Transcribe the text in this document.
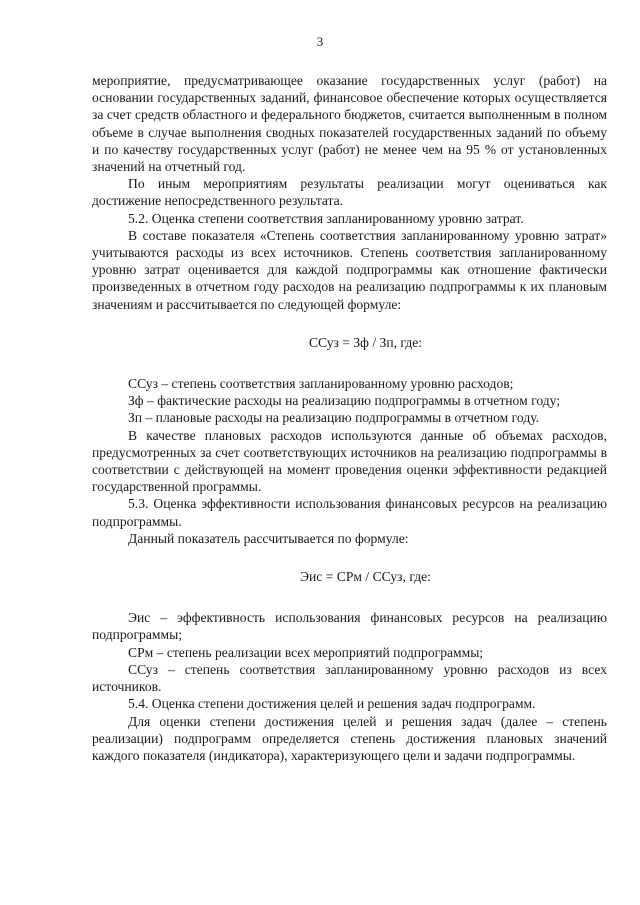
3

мероприятие, предусматривающее оказание государственных услуг (работ) на основании государственных заданий, финансовое обеспечение которых осуществляется за счет средств областного и федерального бюджетов, считается выполненным в полном объеме в случае выполнения сводных показателей государственных заданий по объему и по качеству государственных услуг (работ) не менее чем на 95 % от установленных значений на отчетный год.

По иным мероприятиям результаты реализации могут оцениваться как достижение непосредственного результата.

5.2. Оценка степени соответствия запланированному уровню затрат.

В составе показателя «Степень соответствия запланированному уровню затрат» учитываются расходы из всех источников. Степень соответствия запланированному уровню затрат оценивается для каждой подпрограммы как отношение фактически произведенных в отчетном году расходов на реализацию подпрограммы к их плановым значениям и рассчитывается по следующей формуле:

ССуз = Зф / Зп, где:

ССуз – степень соответствия запланированному уровню расходов;

Зф – фактические расходы на реализацию подпрограммы в отчетном году;

Зп – плановые расходы на реализацию подпрограммы в отчетном году.

В качестве плановых расходов используются данные об объемах расходов, предусмотренных за счет соответствующих источников на реализацию подпрограммы в соответствии с действующей на момент проведения оценки эффективности редакцией государственной программы.

5.3. Оценка эффективности использования финансовых ресурсов на реализацию подпрограммы.

Данный показатель рассчитывается по формуле:

Эис = СРм / ССуз, где:

Эис – эффективность использования финансовых ресурсов на реализацию подпрограммы;

СРм – степень реализации всех мероприятий подпрограммы;

ССуз – степень соответствия запланированному уровню расходов из всех источников.

5.4. Оценка степени достижения целей и решения задач подпрограмм.

Для оценки степени достижения целей и решения задач (далее – степень реализации) подпрограмм определяется степень достижения плановых значений каждого показателя (индикатора), характеризующего цели и задачи подпрограммы.
